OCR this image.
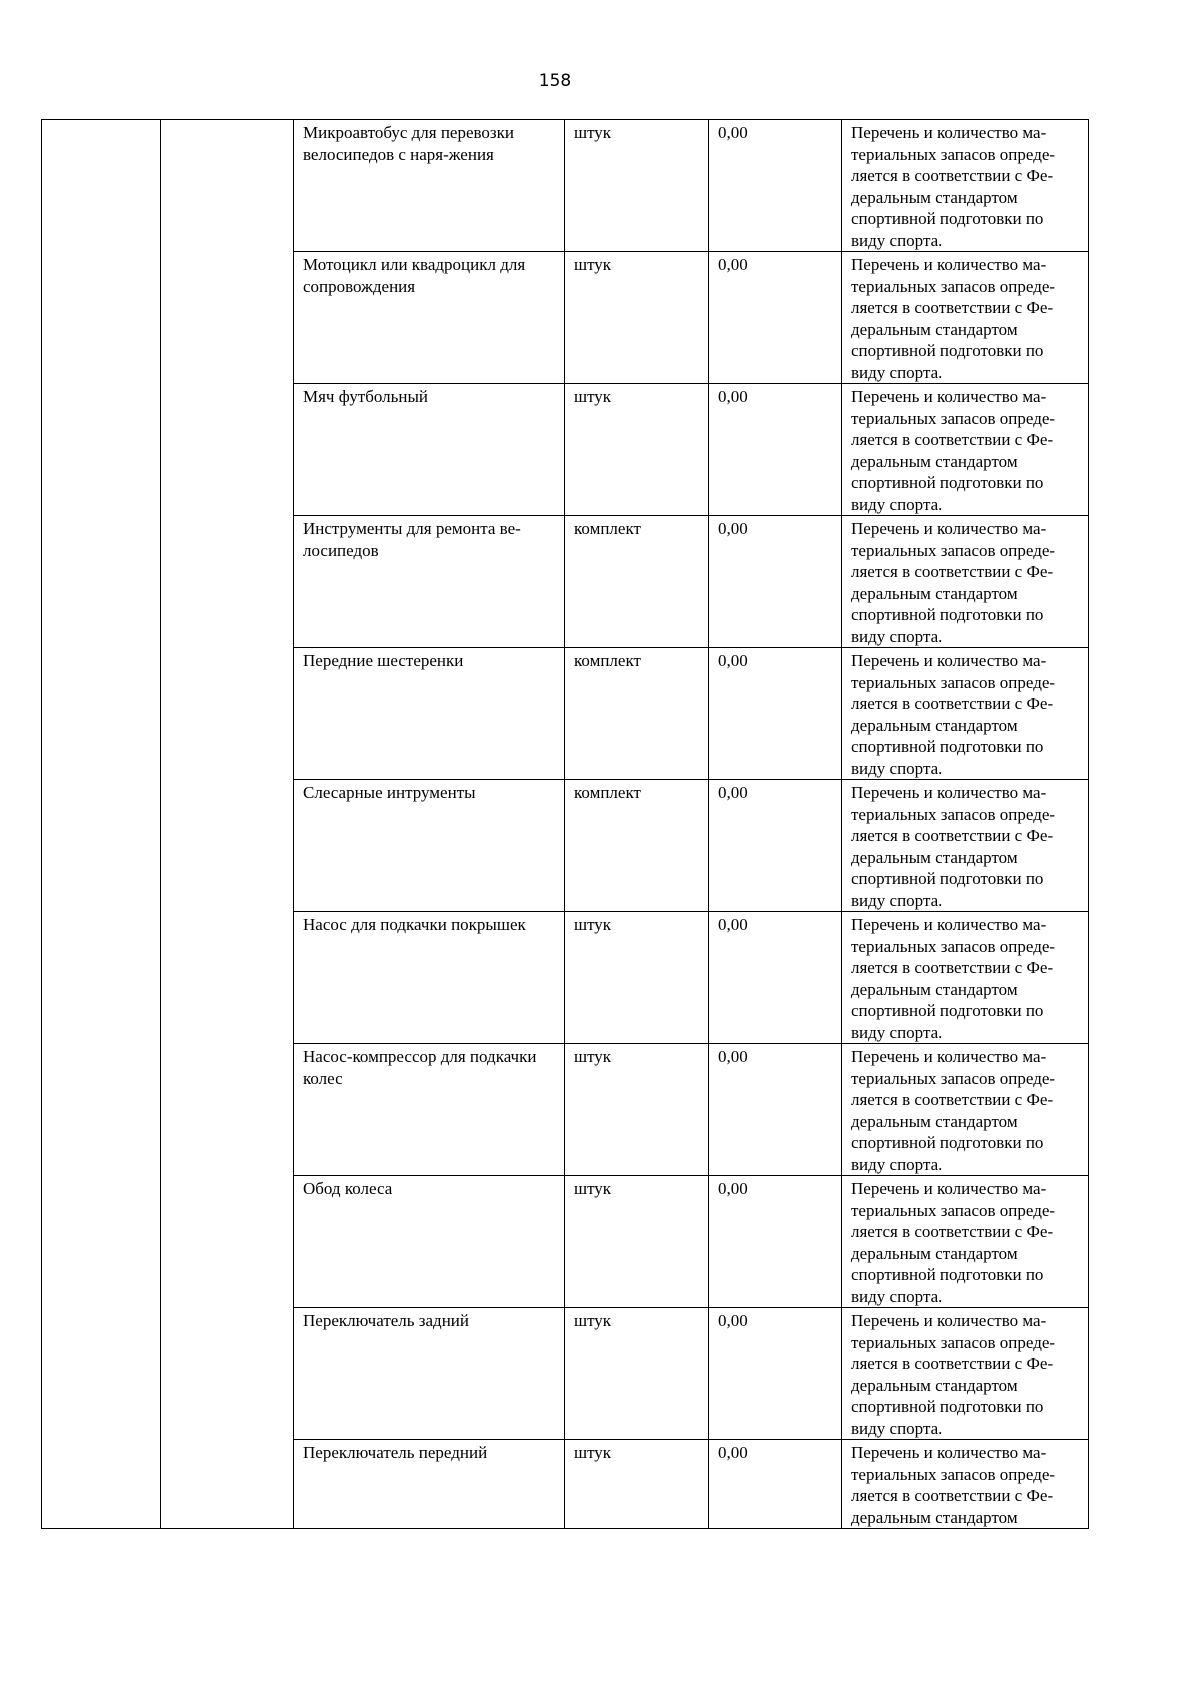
158
		Микроавтобус для перевозки велосипедов с наря-жения	штук	0,00	Перечень и количество ма-териальных запасов опреде-ляется в соответствии с Фе-деральным стандартом спортивной подготовки по виду спорта.
		Мотоцикл или квадроцикл для сопровождения	штук	0,00	Перечень и количество ма-териальных запасов опреде-ляется в соответствии с Фе-деральным стандартом спортивной подготовки по виду спорта.
		Мяч футбольный	штук	0,00	Перечень и количество ма-териальных запасов опреде-ляется в соответствии с Фе-деральным стандартом спортивной подготовки по виду спорта.
		Инструменты для ремонта ве-лосипедов	комплект	0,00	Перечень и количество ма-териальных запасов опреде-ляется в соответствии с Фе-деральным стандартом спортивной подготовки по виду спорта.
		Передние шестеренки	комплект	0,00	Перечень и количество ма-териальных запасов опреде-ляется в соответствии с Фе-деральным стандартом спортивной подготовки по виду спорта.
		Слесарные интрументы	комплект	0,00	Перечень и количество ма-териальных запасов опреде-ляется в соответствии с Фе-деральным стандартом спортивной подготовки по виду спорта.
		Насос для подкачки покрышек	штук	0,00	Перечень и количество ма-териальных запасов опреде-ляется в соответствии с Фе-деральным стандартом спортивной подготовки по виду спорта.
		Насос-компрессор для подкачки колес	штук	0,00	Перечень и количество ма-териальных запасов опреде-ляется в соответствии с Фе-деральным стандартом спортивной подготовки по виду спорта.
		Обод колеса	штук	0,00	Перечень и количество ма-териальных запасов опреде-ляется в соответствии с Фе-деральным стандартом спортивной подготовки по виду спорта.
		Переключатель задний	штук	0,00	Перечень и количество ма-териальных запасов опреде-ляется в соответствии с Фе-деральным стандартом спортивной подготовки по виду спорта.
		Переключатель передний	штук	0,00	Перечень и количество ма-териальных запасов опреде-ляется в соответствии с Фе-деральным стандартом
